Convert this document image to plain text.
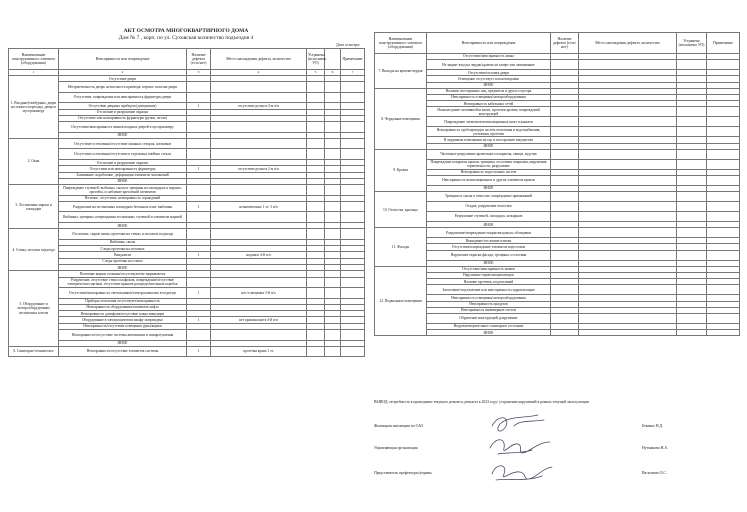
АКТ ОСМОТРА МНОГОКВАРТИРНОГО ДОМА
Дом № 7 , корп. по ул. Суховская количество подъездов 4
Дата осмотра:
Наименование конструктивного элемента (оборудования)	Неисправность или повреждение	Наличие дефекта (есть/нет)	Место нахождения дефекта, количество	Устранено (исполнено УО)		Примечание
1	2	3	4	5	6	7
1. Входные(тамбурные, двери на этажи и переходы, двери в мусорокамеру	Отсутствие двери					
	Негерметичность двери, неплотность притвора, перекос полотна двери					
	Отсутствие, повреждение или неисправность фурнитуры двери					
	Отсутствие дверных приборов (доводчиков)	1	отсутствие ручки в 4-м п/п			
	Отслоение и разрушение окраски					
	Отсутствие или неисправность фурнитуры (ручки, петли)					
	Отсутствие/неисправность замков входных дверей в мусорокамеру					
	ИНОЕ					
2. Окна	Отсутствие остекления/отсутствие оконных створок, штапиков					
	Отсутствие остекления/отсутствие в отдельных ячейках стекла					
	Отслоение и разрушение окраски					
	Отсутствие или неисправность фурнитуры	1	отсутствие ручки в 2-м п/п			
	Загнивание, коробление, деформация элементов заполнений					
	ИНОЕ					
3. Лестничные марши и площадки	Повреждение ступеней: выбоины, сколы и трещины на площадках и маршах; прогибы, ослабление креплений элементов					
	Наличие, отсутствие, неисправность ограждений					
	Разрушение на лестничных площадках бетонных плит, выбоины	1	незначительно 1 эт. 3 п/п			
	Выбоины, трещины, повреждения лестничных ступеней и элементов маршей					
	ИНОЕ					
4. Стены, потолки подъезда	Отслоение, сырые пятна, протечки на стенах и потолках подъезда					
	Выбоины, сколы					
	Следы протечки на потолках					
	Вандализм	1	надписи 4-й п/п			
	Следы протечки на стенах					
	ИНОЕ					
5. Оборудование и электрооборудование лестничных клеток	Почтовые ящики сломаны/отсутствуют/не закрываются					
	Разрушение, отсутствие стекол плафонов, повреждение/отсутствие электрических щитков, отсутствие крышек распределительных коробок					
	Отсутствие/неисправность светильников/электролампочек в подъезде	1	нет освещения 3-й п/п			
	Приборы отопления отсутствуют/неисправность					
	Неисправность оборудования/элементов лифта					
	Неисправность домофона/отсутствие плана эвакуации					
	Оборудование в электрощитовом шкафу повреждено	1	нет крышки щита 4-й п/п			
	Неисправность/отсутствие освещения урны/ящики					
	Неисправность/отсутствие системы автоматики и пожаротушения					
	ИНОЕ					
6. Санитарно-техническое	Неисправность/отсутствие элементов системы	1	протечка крана 1 эт.			
Наименование конструктивного элемента (оборудования)	Неисправность или повреждение	Наличие дефекта (есть/нет)	Место нахождения дефекта, количество	Устранено (исполнено УО)	Примечание
7. Выходы на кровлю/чердак	Отсутствие/неисправность замка				
	Не закрыт вход на чердак/кровлю не заперт или заваливание				
	Отсутствие/поломка двери				
	Освещение отсутствует или неисправно				
	ИНОЕ				
8. Чердачные помещения	Наличие посторонних лиц, предметов и другого мусора				
	Неисправность освещения/электрооборудования				
	Неисправность кабельных сетей				
	Наличие ранее скопившейся влаги, протечек кровли, повреждений конструкций				
	Повреждение элементов вентиляционных шахт и каналов				
	Неисправность трубопроводов систем отопления и водоснабжения, утепления, протечек				
	В чердачном помещении мусор и постороннее имущество				
	ИНОЕ				
9. Кровля	Частичное разрушение кровельного покрытия, свищи, вздутия				
	Повреждение покрытия кровли, трещины, отслоения покрытия, нарушения герметичности, разрушение				
	Неисправность водосточных систем				
	Неисправность вентиляционных и других элементов кровли				
	ИНОЕ				
10. Отмостка, крыльцо	Трещины и сколы в отмостке, повреждение примыканий				
	Осадка, разрушение отмостки				
	Разрушение ступеней, площадок, козырьков				
	ИНОЕ				
11. Фасады	Разрушение/повреждение покрытия цоколя, облицовки				
	Выпадение/отслоение плитки				
	Отсутствие/повреждение элементов водостоков				
	Нарушение окраски фасада, трещины, отслоения				
	ИНОЕ				
12. Подвальные помещения	Отсутствие/неисправность замков				
	Нарушение герметизации вводов				
	Наличие протечек, подтоплений				
	Затопление/подтопление или неисправность гидроизоляции				
	Неисправность освещения/электрооборудования				
	Неисправность продухов				
	Неисправность инженерных систем				
	Обрушение конструкций, разрушение				
	Неудовлетворительное санитарное состояние				
	ИНОЕ				
ВЫВОД: потребность в проведении текущего ремонта, ремонта в 2023 году/ устранение нарушений в рамках текущей эксплуатации
Жилищная инспекция по САО	Бекенко Н.Д.
Управляющая организация	Нутманова Н.А.
Представитель префектуры/управы	Васильева О.С.
